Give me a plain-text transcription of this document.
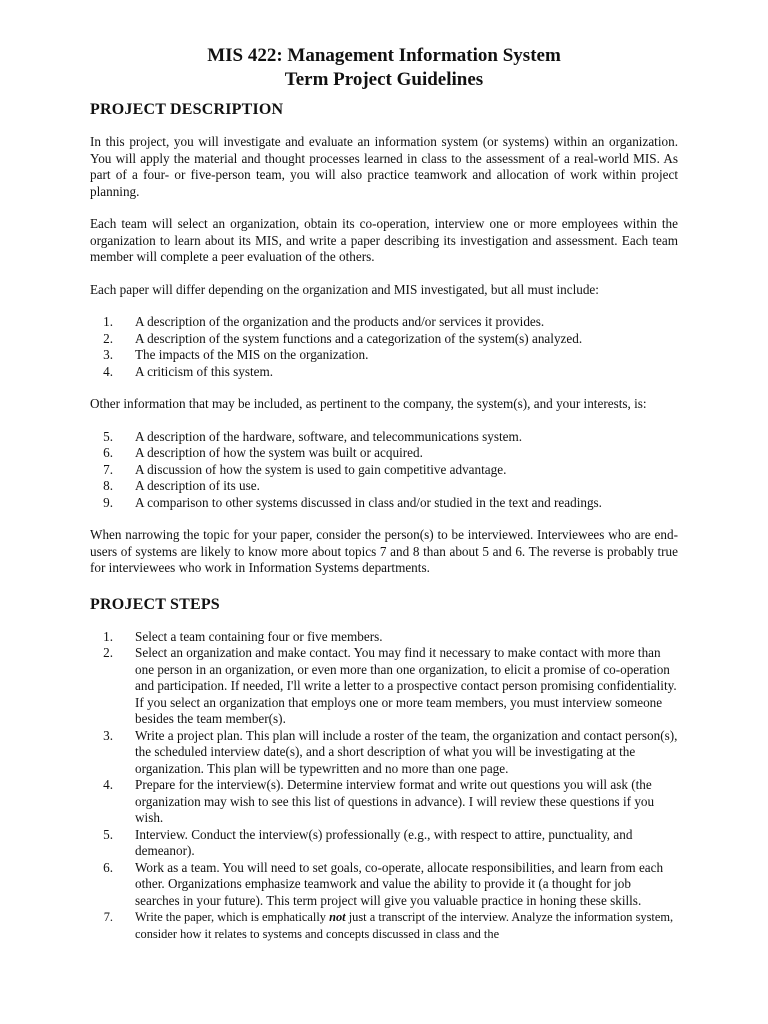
MIS 422: Management Information System

Term Project Guidelines

PROJECT DESCRIPTION

In this project, you will investigate and evaluate an information system (or systems) within an organization. You will apply the material and thought processes learned in class to the assessment of a real-world MIS. As part of a four- or five-person team, you will also practice teamwork and allocation of work within project planning.

Each team will select an organization, obtain its co-operation, interview one or more employees within the organization to learn about its MIS, and write a paper describing its investigation and assessment. Each team member will complete a peer evaluation of the others.

Each paper will differ depending on the organization and MIS investigated, but all must include:

1.	A description of the organization and the products and/or services it provides.
2.	A description of the system functions and a categorization of the system(s) analyzed.
3.	The impacts of the MIS on the organization.
4.	A criticism of this system.

Other information that may be included, as pertinent to the company, the system(s), and your interests, is:

5.	A description of the hardware, software, and telecommunications system.
6.	A description of how the system was built or acquired.
7.	A discussion of how the system is used to gain competitive advantage.
8.	A description of its use.
9.	A comparison to other systems discussed in class and/or studied in the text and readings.

When narrowing the topic for your paper, consider the person(s) to be interviewed. Interviewees who are end-users of systems are likely to know more about topics 7 and 8 than about 5 and 6. The reverse is probably true for interviewees who work in Information Systems departments.

PROJECT STEPS

1.	Select a team containing four or five members.
2.	Select an organization and make contact. You may find it necessary to make contact with more than one person in an organization, or even more than one organization, to elicit a promise of co-operation and participation. If needed, I'll write a letter to a prospective contact person promising confidentiality. If you select an organization that employs one or more team members, you must interview someone besides the team member(s).
3.	Write a project plan. This plan will include a roster of the team, the organization and contact person(s), the scheduled interview date(s), and a short description of what you will be investigating at the organization. This plan will be typewritten and no more than one page.
4.	Prepare for the interview(s). Determine interview format and write out questions you will ask (the organization may wish to see this list of questions in advance). I will review these questions if you wish.
5.	Interview. Conduct the interview(s) professionally (e.g., with respect to attire, punctuality, and demeanor).
6.	Work as a team. You will need to set goals, co-operate, allocate responsibilities, and learn from each other. Organizations emphasize teamwork and value the ability to provide it (a thought for job searches in your future). This term project will give you valuable practice in honing these skills.
7.	Write the paper, which is emphatically not just a transcript of the interview. Analyze the information system, consider how it relates to systems and concepts discussed in class and the
